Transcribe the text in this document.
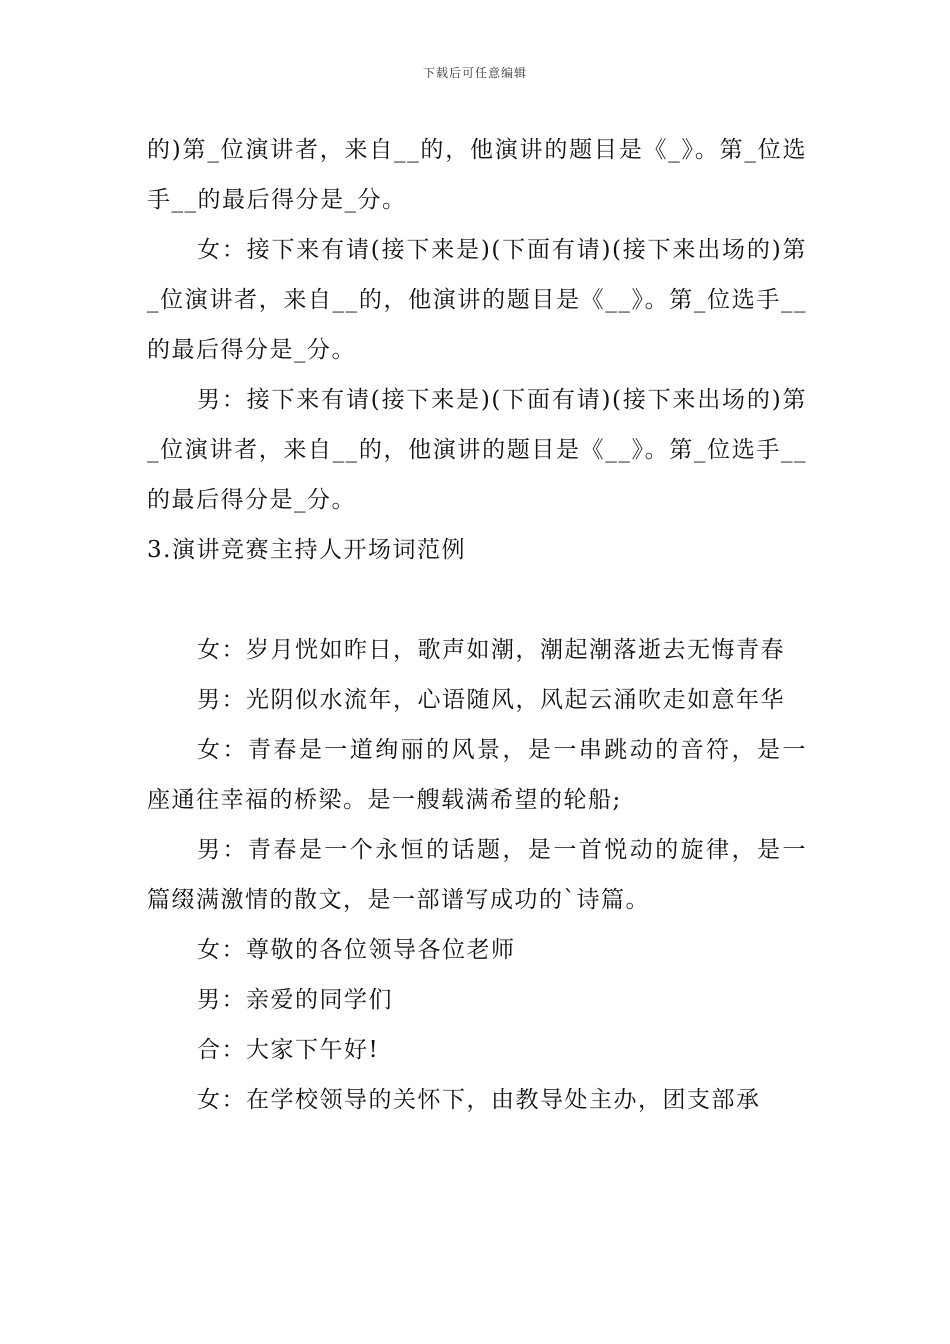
下载后可任意编辑

的)第_位演讲者，来自__的，他演讲的题目是《_》。第_位选手__的最后得分是_分。

女：接下来有请(接下来是)(下面有请)(接下来出场的)第_位演讲者，来自__的，他演讲的题目是《__》。第_位选手__的最后得分是_分。

男：接下来有请(接下来是)(下面有请)(接下来出场的)第_位演讲者，来自__的，他演讲的题目是《__》。第_位选手__的最后得分是_分。

3.演讲竞赛主持人开场词范例

女：岁月恍如昨日，歌声如潮，潮起潮落逝去无悔青春

男：光阴似水流年，心语随风，风起云涌吹走如意年华

女：青春是一道绚丽的风景，是一串跳动的音符，是一座通往幸福的桥梁。是一艘载满希望的轮船;

男：青春是一个永恒的话题，是一首悦动的旋律，是一篇缀满激情的散文，是一部谱写成功的`诗篇。

女：尊敬的各位领导各位老师

男：亲爱的同学们

合：大家下午好!

女：在学校领导的关怀下，由教导处主办，团支部承
